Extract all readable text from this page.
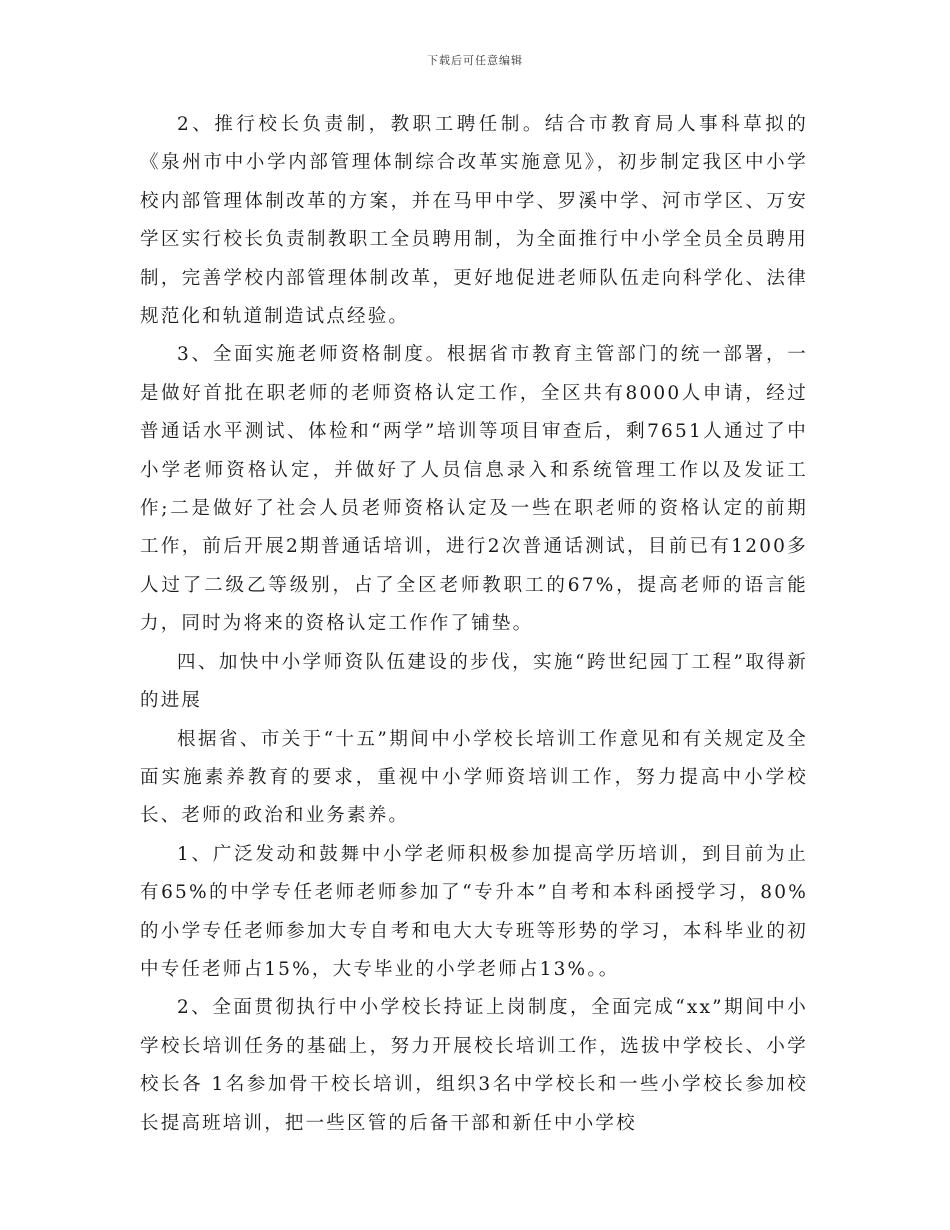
下载后可任意编辑

2、推行校长负责制，教职工聘任制。结合市教育局人事科草拟的《泉州市中小学内部管理体制综合改革实施意见》，初步制定我区中小学校内部管理体制改革的方案，并在马甲中学、罗溪中学、河市学区、万安学区实行校长负责制教职工全员聘用制，为全面推行中小学全员全员聘用制，完善学校内部管理体制改革，更好地促进老师队伍走向科学化、法律规范化和轨道制造试点经验。

3、全面实施老师资格制度。根据省市教育主管部门的统一部署，一是做好首批在职老师的老师资格认定工作，全区共有8000人申请，经过普通话水平测试、体检和“两学”培训等项目审查后，剩7651人通过了中小学老师资格认定，并做好了人员信息录入和系统管理工作以及发证工作;二是做好了社会人员老师资格认定及一些在职老师的资格认定的前期工作，前后开展2期普通话培训，进行2次普通话测试，目前已有1200多人过了二级乙等级别，占了全区老师教职工的67%，提高老师的语言能力，同时为将来的资格认定工作作了铺垫。

四、加快中小学师资队伍建设的步伐，实施“跨世纪园丁工程”取得新的进展

根据省、市关于“十五”期间中小学校长培训工作意见和有关规定及全面实施素养教育的要求，重视中小学师资培训工作，努力提高中小学校长、老师的政治和业务素养。

1、广泛发动和鼓舞中小学老师积极参加提高学历培训，到目前为止有65%的中学专任老师老师参加了“专升本”自考和本科函授学习，80%的小学专任老师参加大专自考和电大大专班等形势的学习，本科毕业的初中专任老师占15%，大专毕业的小学老师占13%。。

2、全面贯彻执行中小学校长持证上岗制度，全面完成“xx”期间中小学校长培训任务的基础上，努力开展校长培训工作，选拔中学校长、小学校长各 1名参加骨干校长培训，组织3名中学校长和一些小学校长参加校长提高班培训，把一些区管的后备干部和新任中小学校
